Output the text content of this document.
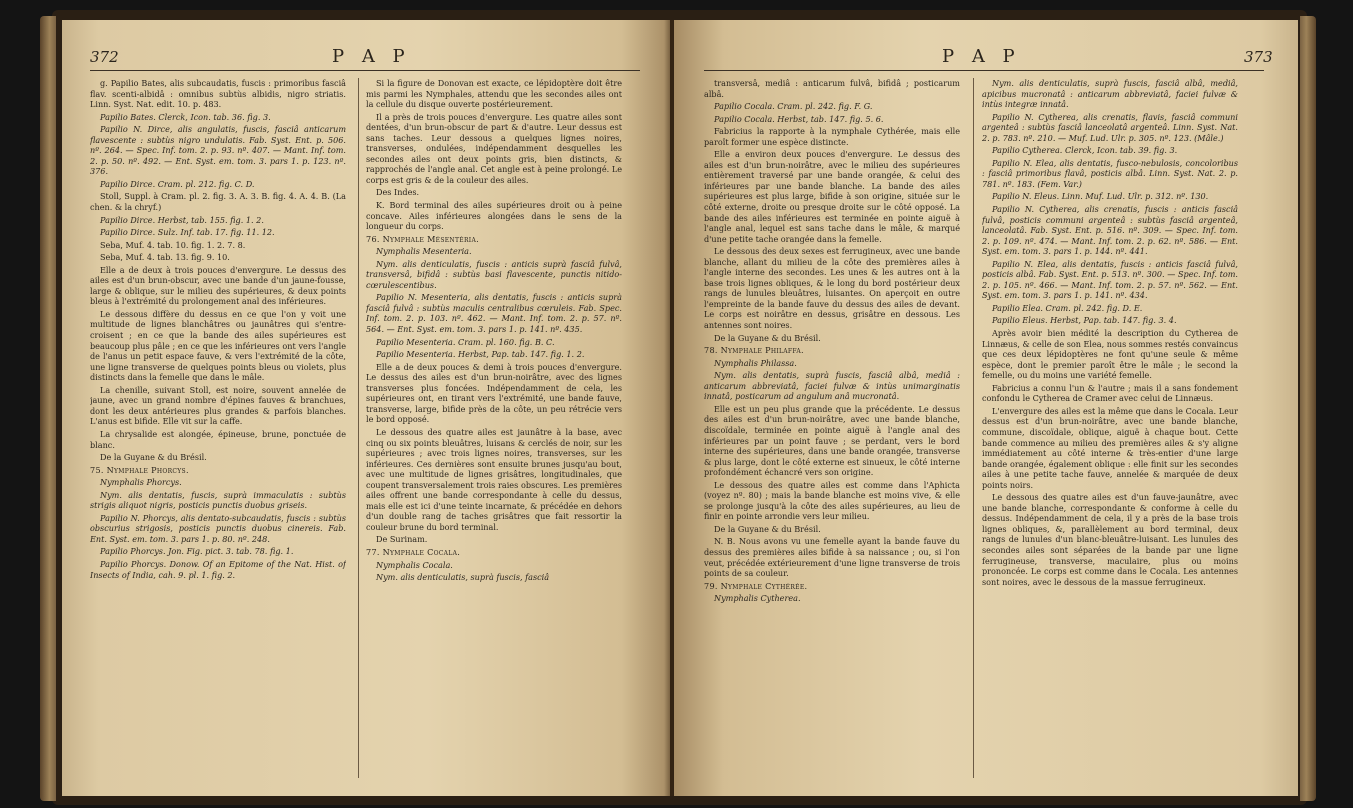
372	P A P

g. Papilio Bates, alis subcaudatis, fuscis : primoribus fasciâ flav. scenti-albidâ : omnibus subtùs albidis, nigro striatis. Linn. Syst. Nat. edit. 10. p. 483.

Papilio Bates. Clerck, Icon. tab. 36. fig. 3.

Papilio N. Dirce, alis angulatis, fuscis, fasciâ anticarum flavescente : subtùs nigro undulatis. Fab. Syst. Ent. p. 506. nº. 264. — Spec. Inf. tom. 2. p. 93. nº. 407. — Mant. Inf. tom. 2. p. 50. nº. 492. — Ent. Syst. em. tom. 3. pars 1. p. 123. nº. 376.

Papilio Dirce. Cram. pl. 212. fig. C. D.

Stoll, Suppl. à Cram. pl. 2. fig. 3. A. 3. B. fig. 4. A. 4. B. (La chen. & la chryf.)

Papilio Dirce. Herbst, tab. 155. fig. 1. 2.

Papilio Dirce. Sulz. Inf. tab. 17. fig. 11. 12.

Seba, Muf. 4. tab. 10. fig. 1. 2. 7. 8.

Seba, Muf. 4. tab. 13. fig. 9. 10.

Elle a de deux à trois pouces d'envergure. Le dessus des ailes est d'un brun-obscur, avec une bande d'un jaune-fousse, large & oblique, sur le milieu des supérieures, & deux points bleus à l'extrémité du prolongement anal des inférieures.

Le dessous diffère du dessus en ce que l'on y voit une multitude de lignes blanchâtres ou jaunâtres qui s'entre-croisent ; en ce que la bande des ailes supérieures est beaucoup plus pâle ; en ce que les inférieures ont vers l'angle de l'anus un petit espace fauve, & vers l'extrémité de la côte, une ligne transverse de quelques points bleus ou violets, plus distincts dans la femelle que dans le mâle.

La chenille, suivant Stoll, est noire, souvent annelée de jaune, avec un grand nombre d'épines fauves & branchues, dont les deux antérieures plus grandes & parfois blanches. L'anus est bifide. Elle vit sur la caffe.

La chrysalide est alongée, épineuse, brune, ponctuée de blanc.

De la Guyane & du Brésil.

75. Nymphale Phorcys.

Nymphalis Phorcys.

Nym. alis dentatis, fuscis, suprà immaculatis : subtùs strigis aliquot nigris, posticis punctis duobus griseis.

Papilio N. Phorcys, alis dentato-subcaudatis, fuscis : subtùs obscurius strigosis, posticis punctis duobus cinereis. Fab. Ent. Syst. em. tom. 3. pars 1. p. 80. nº. 248.

Papilio Phorcys. Jon. Fig. pict. 3. tab. 78. fig. 1.

Papilio Phorcys. Donow. Of an Epitome of the Nat. Hist. of Insects of India, cah. 9. pl. 1. fig. 2.

Si la figure de Donovan est exacte, ce lépidoptère doit être mis parmi les Nymphales, attendu que les secondes ailes ont la cellule du disque ouverte postérieurement.

Il a près de trois pouces d'envergure. Les quatre ailes sont dentées, d'un brun-obscur de part & d'autre. Leur dessus est sans taches. Leur dessous a quelques lignes noires, transverses, ondulées, indépendamment desquelles les secondes ailes ont deux points gris, bien distincts, & rapprochés de l'angle anal. Cet angle est à peine prolongé. Le corps est gris & de la couleur des ailes.

Des Indes.

K. Bord terminal des ailes supérieures droit ou à peine concave. Ailes inférieures alongées dans le sens de la longueur du corps.

76. Nymphale Mésentéria.

Nymphalis Mesenteria.

Nym. alis denticulatis, fuscis : anticis suprà fasciâ fulvâ, transversâ, bifidâ : subtùs basi flavescente, punctis nitido-cœrulescentibus.

Papilio N. Mesenteria, alis dentatis, fuscis : anticis suprà fasciâ fulvâ : subtùs maculis centralibus cœruleis. Fab. Spec. Inf. tom. 2. p. 103. nº. 462. — Mant. Inf. tom. 2. p. 57. nº. 564. — Ent. Syst. em. tom. 3. pars 1. p. 141. nº. 435.

Papilio Mesenteria. Cram. pl. 160. fig. B. C.

Papilio Mesenteria. Herbst, Pap. tab. 147. fig. 1. 2.

Elle a de deux pouces & demi à trois pouces d'envergure. Le dessus des ailes est d'un brun-noirâtre, avec des lignes transverses plus foncées. Indépendamment de cela, les supérieures ont, en tirant vers l'extrémité, une bande fauve, transverse, large, bifide près de la côte, un peu rétrécie vers le bord opposé.

Le dessous des quatre ailes est jaunâtre à la base, avec cinq ou six points bleuâtres, luisans & cerclés de noir, sur les supérieures ; avec trois lignes noires, transverses, sur les inférieures. Ces dernières sont ensuite brunes jusqu'au bout, avec une multitude de lignes grisâtres, longitudinales, que coupent transversalement trois raies obscures. Les premières ailes offrent une bande correspondante à celle du dessus, mais elle est ici d'une teinte incarnate, & précédée en dehors d'un double rang de taches grisâtres que fait ressortir la couleur brune du bord terminal.

De Surinam.

77. Nymphale Cocala.

Nymphalis Cocala.

Nym. alis denticulatis, suprà fuscis, fasciâ

P A P	373

transversâ, mediâ : anticarum fulvâ, bifidâ ; posticarum albâ.

Papilio Cocala. Cram. pl. 242. fig. F. G.

Papilio Cocala. Herbst, tab. 147. fig. 5. 6.

Fabricius la rapporte à la nymphale Cythérée, mais elle paroît former une espèce distincte.

Elle a environ deux pouces d'envergure. Le dessus des ailes est d'un brun-noirâtre, avec le milieu des supérieures entièrement traversé par une bande orangée, & celui des inférieures par une bande blanche. La bande des ailes supérieures est plus large, bifide à son origine, située sur le côté externe, droite ou presque droite sur le côté opposé. La bande des ailes inférieures est terminée en pointe aiguë à l'angle anal, lequel est sans tache dans le mâle, & marqué d'une petite tache orangée dans la femelle.

Le dessous des deux sexes est ferrugineux, avec une bande blanche, allant du milieu de la côte des premières ailes à l'angle interne des secondes. Les unes & les autres ont à la base trois lignes obliques, & le long du bord postérieur deux rangs de lunules bleuâtres, luisantes. On aperçoit en outre l'empreinte de la bande fauve du dessus des ailes de devant. Le corps est noirâtre en dessus, grisâtre en dessous. Les antennes sont noires.

De la Guyane & du Brésil.

78. Nymphale Philaffa.

Nymphalis Philassa.

Nym. alis dentatis, suprà fuscis, fasciâ albâ, mediâ : anticarum abbreviatâ, faciei fulvæ & intùs unimarginatis innatâ, posticarum ad angulum anâ mucronatâ.

Elle est un peu plus grande que la précédente. Le dessus des ailes est d'un brun-noirâtre, avec une bande blanche, discoïdale, terminée en pointe aiguë à l'angle anal des inférieures par un point fauve ; se perdant, vers le bord interne des supérieures, dans une bande orangée, transverse & plus large, dont le côté externe est sinueux, le côté interne profondément échancré vers son origine.

Le dessous des quatre ailes est comme dans l'Aphicta (voyez nº. 80) ; mais la bande blanche est moins vive, & elle se prolonge jusqu'à la côte des ailes supérieures, au lieu de finir en pointe arrondie vers leur milieu.

De la Guyane & du Brésil.

N. B. Nous avons vu une femelle ayant la bande fauve du dessus des premières ailes bifide à sa naissance ; ou, si l'on veut, précédée extérieurement d'une ligne transverse de trois points de sa couleur.

79. Nymphale Cythérée.

Nymphalis Cytherea.

Nym. alis denticulatis, suprà fuscis, fasciâ albâ, mediâ, apicibus mucronatâ : anticarum abbreviatâ, faciei fulvæ & intùs integræ innatâ.

Papilio N. Cytherea, alis crenatis, flavis, fasciâ communi argenteâ : subtùs fasciâ lanceolatâ argenteâ. Linn. Syst. Nat. 2. p. 783. nº. 210. — Muf. Lud. Ulr. p. 305. nº. 123. (Mâle.)

Papilio Cytherea. Clerck, Icon. tab. 39. fig. 3.

Papilio N. Elea, alis dentatis, fusco-nebulosis, concoloribus : fasciâ primoribus flavâ, posticis albâ. Linn. Syst. Nat. 2. p. 781. nº. 183. (Fem. Var.)

Papilio N. Eleus. Linn. Muf. Lud. Ulr. p. 312. nº. 130.

Papilio N. Cytherea, alis crenatis, fuscis : anticis fasciâ fulvâ, posticis communi argenteâ : subtùs fasciâ argenteâ, lanceolatâ. Fab. Syst. Ent. p. 516. nº. 309. — Spec. Inf. tom. 2. p. 109. nº. 474. — Mant. Inf. tom. 2. p. 62. nº. 586. — Ent. Syst. em. tom. 3. pars 1. p. 144. nº. 441.

Papilio N. Elea, alis dentatis, fuscis : anticis fasciâ fulvâ, posticis albâ. Fab. Syst. Ent. p. 513. nº. 300. — Spec. Inf. tom. 2. p. 105. nº. 466. — Mant. Inf. tom. 2. p. 57. nº. 562. — Ent. Syst. em. tom. 3. pars 1. p. 141. nº. 434.

Papilio Elea. Cram. pl. 242. fig. D. E.

Papilio Eleus. Herbst, Pap. tab. 147. fig. 3. 4.

Après avoir bien médité la description du Cytherea de Linnæus, & celle de son Elea, nous sommes restés convaincus que ces deux lépidoptères ne font qu'une seule & même espèce, dont le premier paroît être le mâle ; le second la femelle, ou du moins une variété femelle.

Fabricius a connu l'un & l'autre ; mais il a sans fondement confondu le Cytherea de Cramer avec celui de Linnæus.

L'envergure des ailes est la même que dans le Cocala. Leur dessus est d'un brun-noirâtre, avec une bande blanche, commune, discoïdale, oblique, aiguë à chaque bout. Cette bande commence au milieu des premières ailes & s'y aligne immédiatement au côté interne & très-entier d'une large bande orangée, également oblique : elle finit sur les secondes ailes à une petite tache fauve, annelée & marquée de deux points noirs.

Le dessous des quatre ailes est d'un fauve-jaunâtre, avec une bande blanche, correspondante & conforme à celle du dessus. Indépendamment de cela, il y a près de la base trois lignes obliques, &, parallèlement au bord terminal, deux rangs de lunules d'un blanc-bleuâtre-luisant. Les lunules des secondes ailes sont séparées de la bande par une ligne ferrugineuse, transverse, maculaire, plus ou moins prononcée. Le corps est comme dans le Cocala. Les antennes sont noires, avec le dessous de la massue ferrugineux.
